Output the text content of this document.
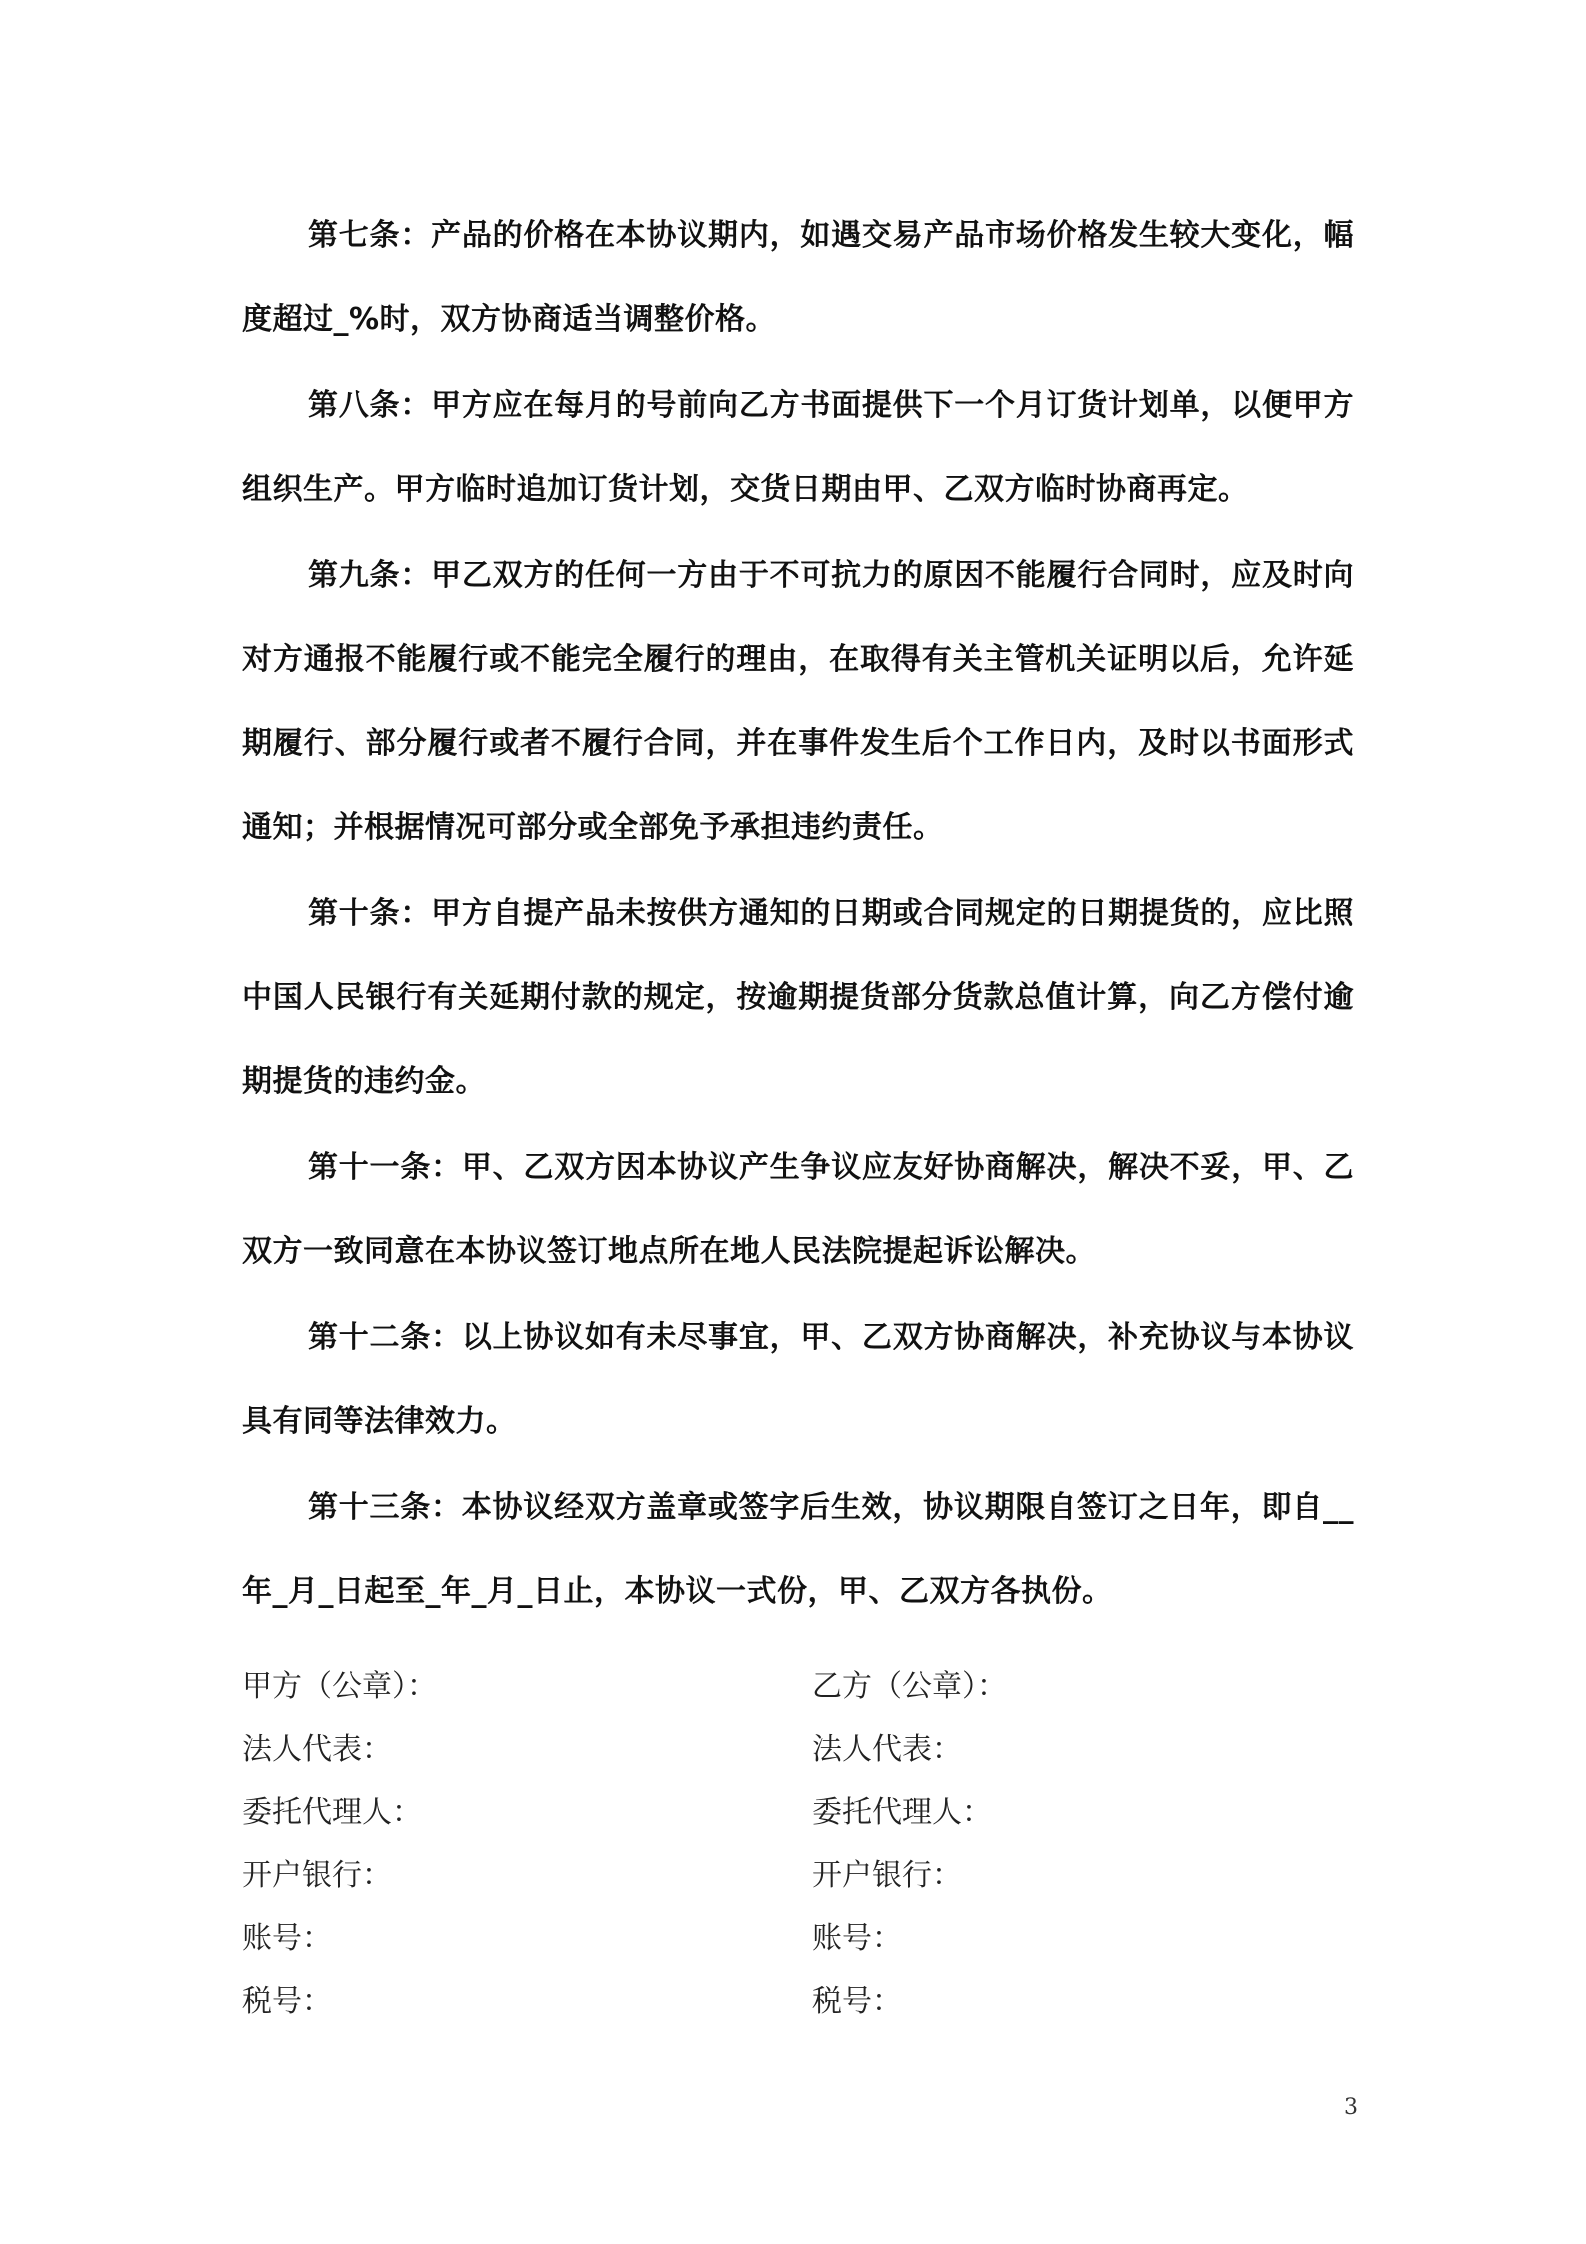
第七条：产品的价格在本协议期内，如遇交易产品市场价格发生较大变化，幅度超过_%时，双方协商适当调整价格。

第八条：甲方应在每月的号前向乙方书面提供下一个月订货计划单，以便甲方组织生产。甲方临时追加订货计划，交货日期由甲、乙双方临时协商再定。

第九条：甲乙双方的任何一方由于不可抗力的原因不能履行合同时，应及时向对方通报不能履行或不能完全履行的理由，在取得有关主管机关证明以后，允许延期履行、部分履行或者不履行合同，并在事件发生后个工作日内，及时以书面形式通知；并根据情况可部分或全部免予承担违约责任。

第十条：甲方自提产品未按供方通知的日期或合同规定的日期提货的，应比照中国人民银行有关延期付款的规定，按逾期提货部分货款总值计算，向乙方偿付逾期提货的违约金。

第十一条：甲、乙双方因本协议产生争议应友好协商解决，解决不妥，甲、乙双方一致同意在本协议签订地点所在地人民法院提起诉讼解决。

第十二条：以上协议如有未尽事宜，甲、乙双方协商解决，补充协议与本协议具有同等法律效力。

第十三条：本协议经双方盖章或签字后生效，协议期限自签订之日年，即自__年_月_日起至_年_月_日止，本协议一式份，甲、乙双方各执份。

甲方（公章）：	乙方（公章）：
法人代表：	法人代表：
委托代理人：	委托代理人：
开户银行：	开户银行：
账号：	账号：
税号：	税号：
3
